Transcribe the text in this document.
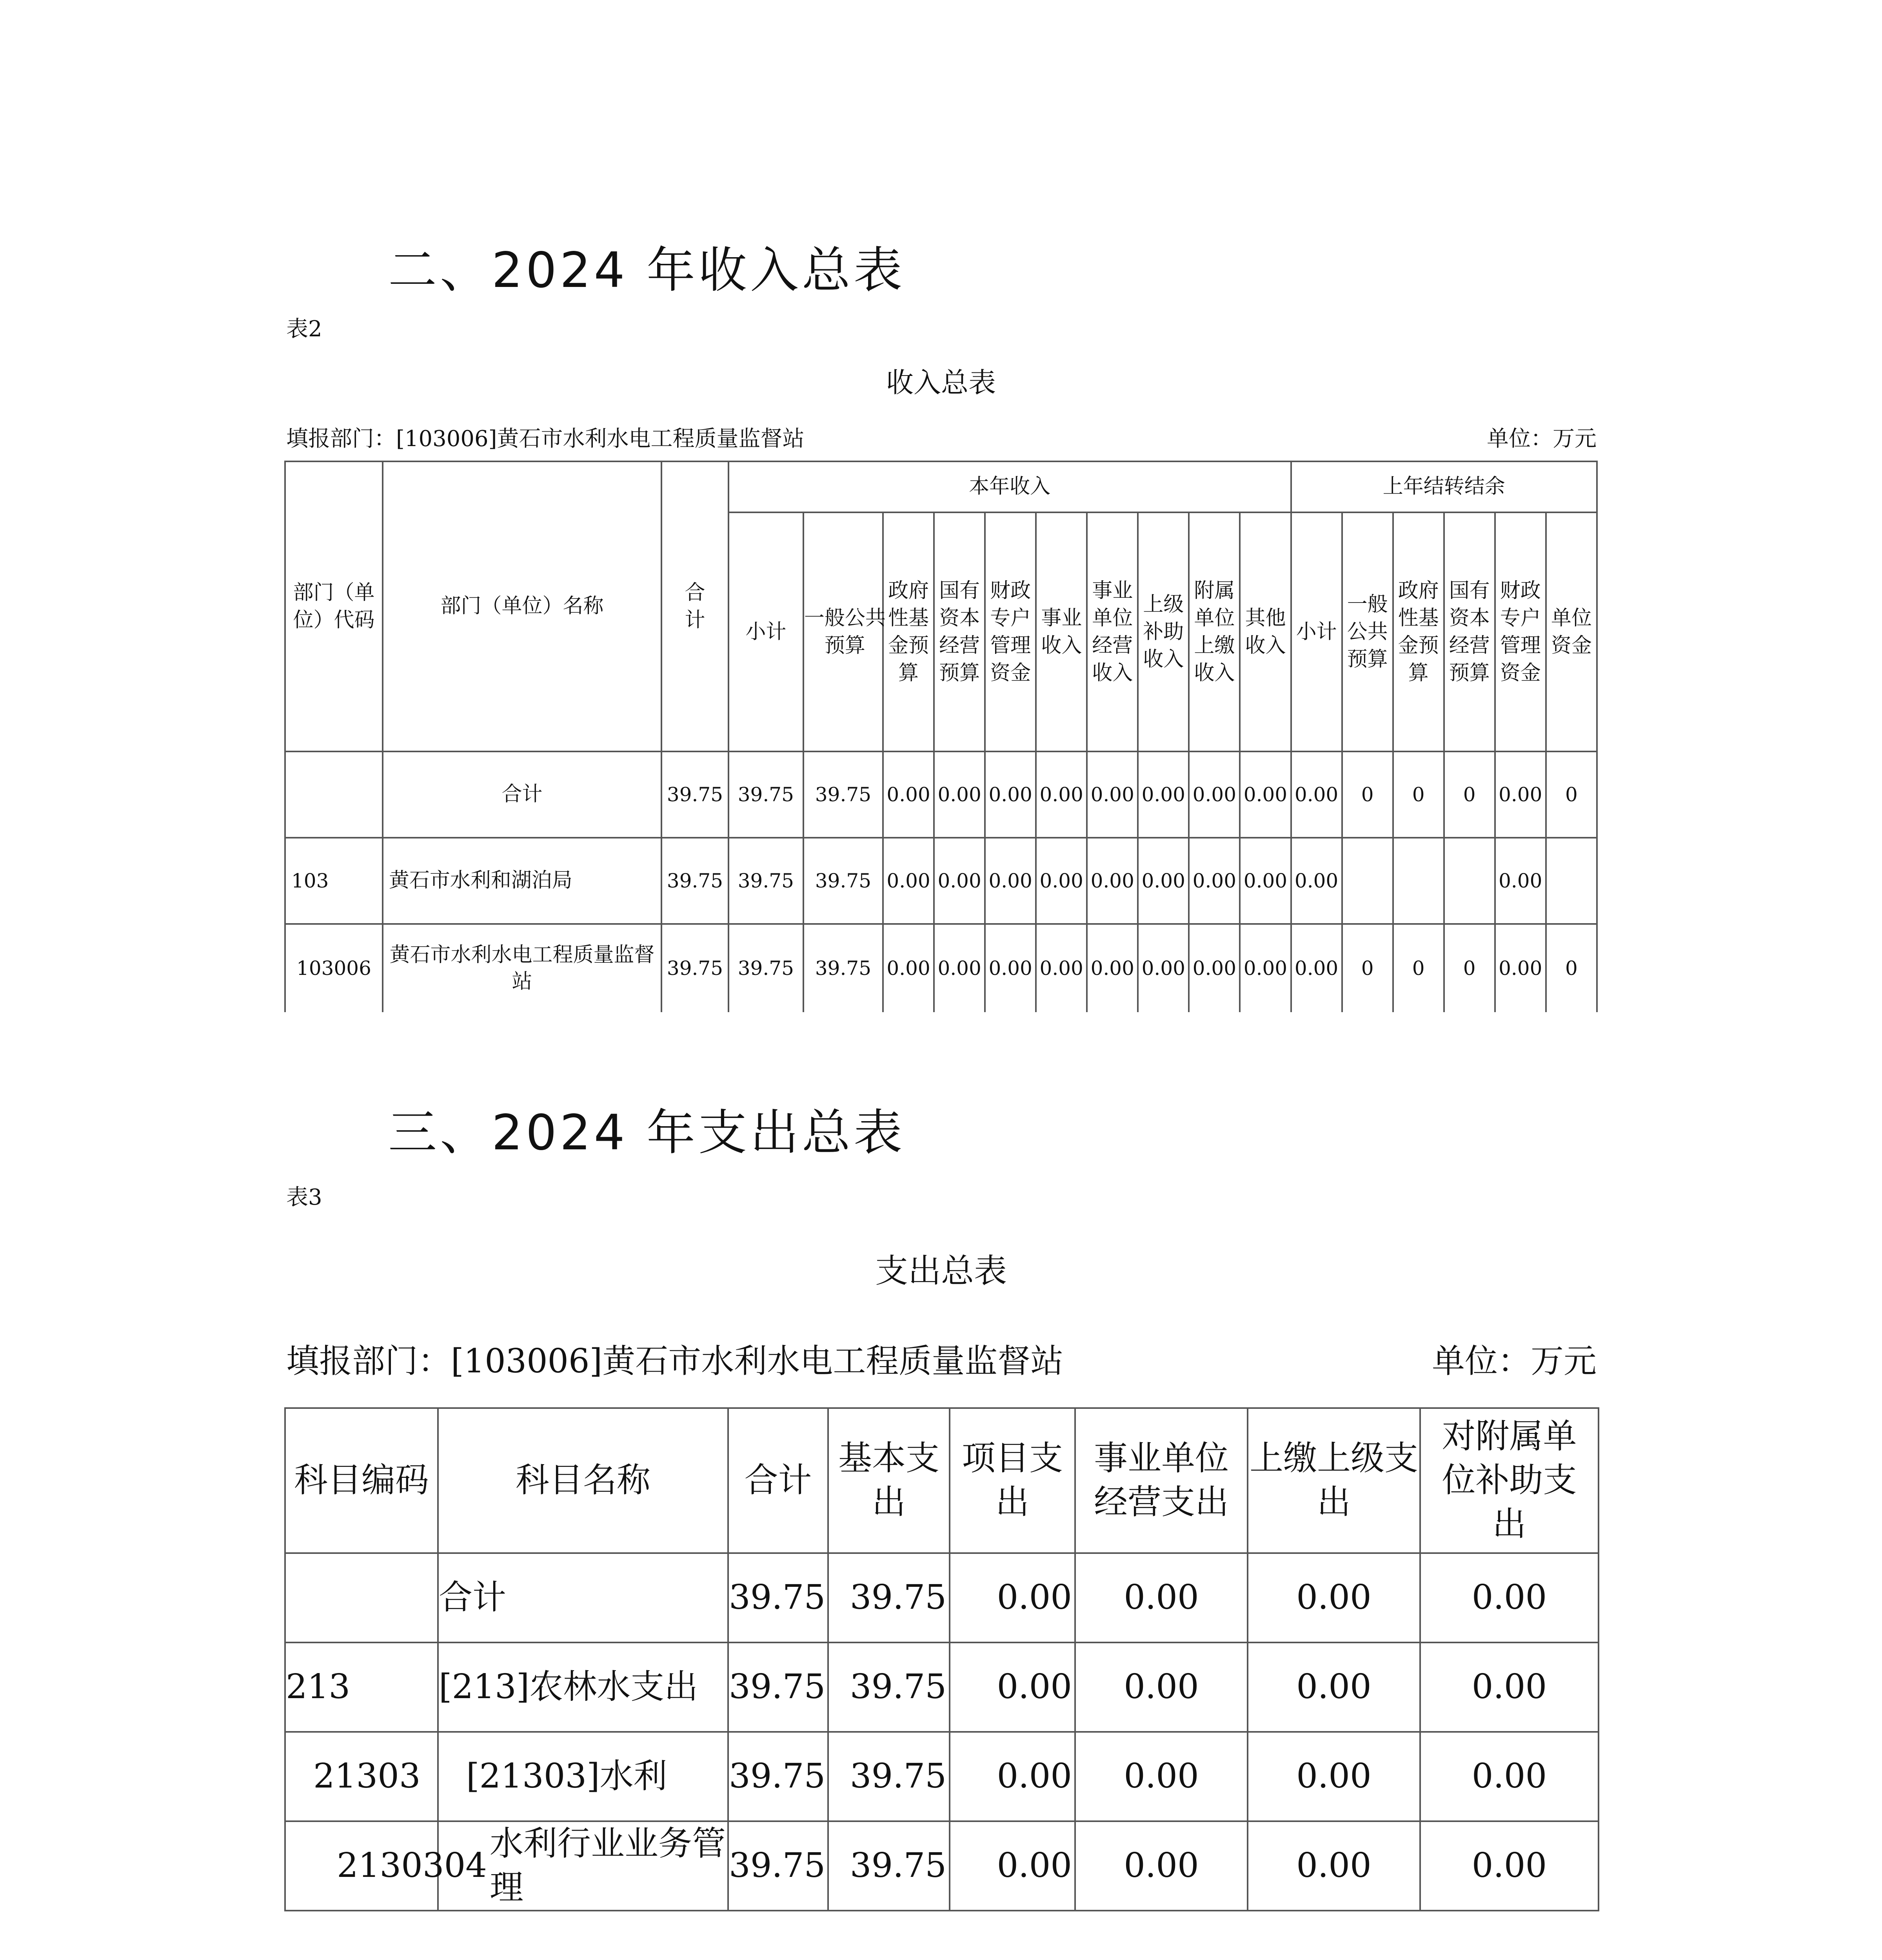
二、2024 年收入总表
表2
收入总表
填报部门：[103006]黄石市水利水电工程质量监督站	单位：万元
部门（单位）代码	部门（单位）名称	合计	本年收入										上年结转结余					
			小计	一般公共预算	政府性基金预算	国有资本经营预算	财政专户管理资金	事业收入	事业单位经营收入	上级补助收入	附属单位上缴收入	其他收入	小计	一般公共预算	政府性基金预算	国有资本经营预算	财政专户管理资金	单位资金
	合计	39.75	39.75	39.75	0.00	0.00	0.00	0.00	0.00	0.00	0.00	0.00	0.00	0	0	0	0.00	0
103	黄石市水利和湖泊局	39.75	39.75	39.75	0.00	0.00	0.00	0.00	0.00	0.00	0.00	0.00	0.00				0.00	
103006	黄石市水利水电工程质量监督站	39.75	39.75	39.75	0.00	0.00	0.00	0.00	0.00	0.00	0.00	0.00	0.00	0	0	0	0.00	0
三、2024 年支出总表
表3
支出总表
填报部门：[103006]黄石市水利水电工程质量监督站	单位：万元
科目编码	科目名称	合计	基本支出	项目支出	事业单位经营支出	上缴上级支出	对附属单位补助支出
	合计	39.75	39.75	0.00	0.00	0.00	0.00
213	[213]农林水支出	39.75	39.75	0.00	0.00	0.00	0.00
21303	[21303]水利	39.75	39.75	0.00	0.00	0.00	0.00
2130304	水利行业业务管理	39.75	39.75	0.00	0.00	0.00	0.00
